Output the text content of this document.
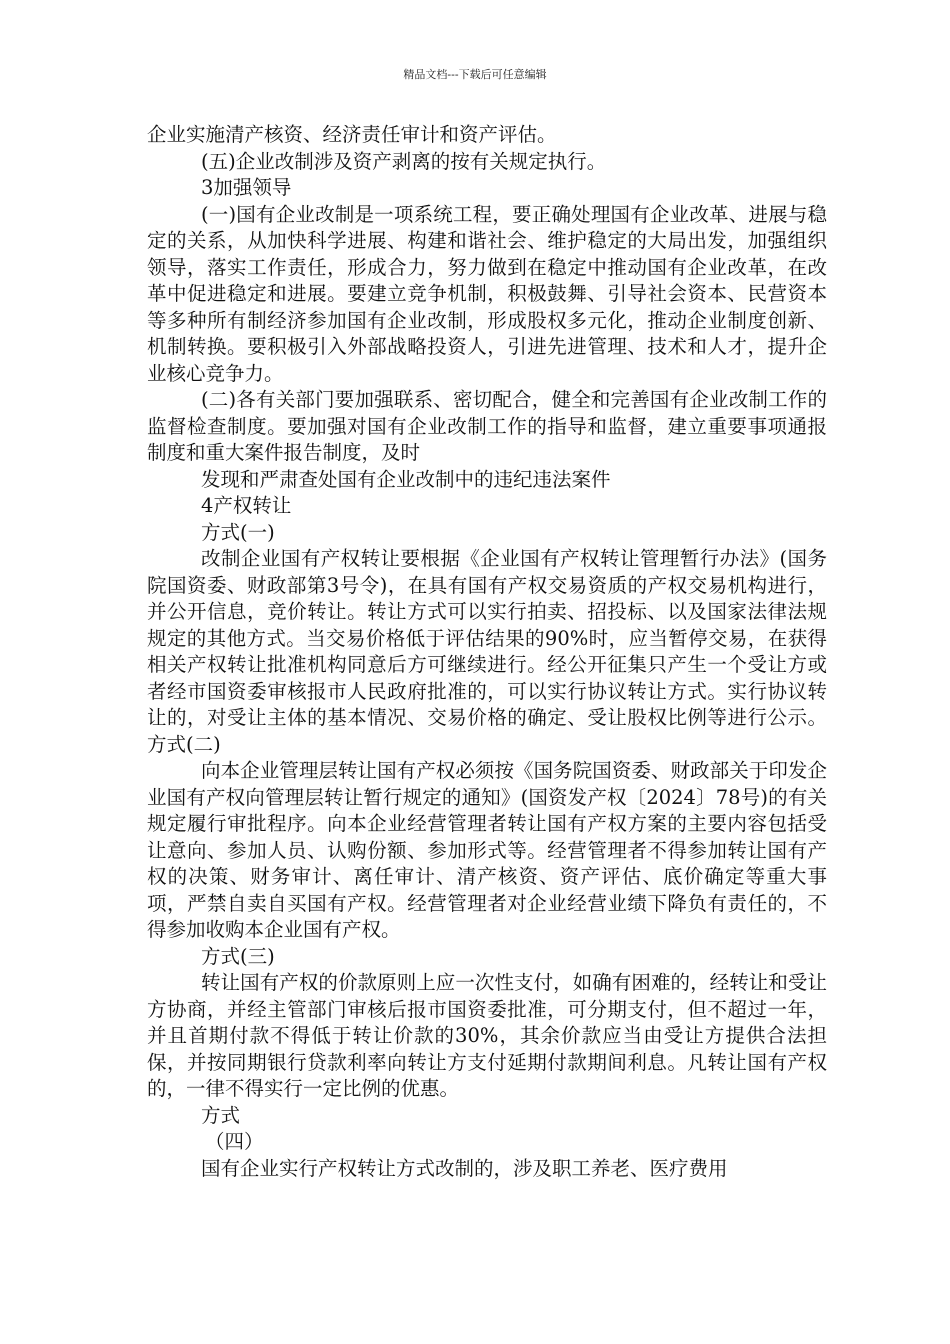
精品文档---下载后可任意编辑

企业实施清产核资、经济责任审计和资产评估。

(五)企业改制涉及资产剥离的按有关规定执行。

3加强领导

(一)国有企业改制是一项系统工程，要正确处理国有企业改革、进展与稳定的关系，从加快科学进展、构建和谐社会、维护稳定的大局出发，加强组织领导，落实工作责任，形成合力，努力做到在稳定中推动国有企业改革，在改革中促进稳定和进展。要建立竞争机制，积极鼓舞、引导社会资本、民营资本等多种所有制经济参加国有企业改制，形成股权多元化，推动企业制度创新、机制转换。要积极引入外部战略投资人，引进先进管理、技术和人才，提升企业核心竞争力。

(二)各有关部门要加强联系、密切配合，健全和完善国有企业改制工作的监督检查制度。要加强对国有企业改制工作的指导和监督，建立重要事项通报制度和重大案件报告制度，及时

发现和严肃查处国有企业改制中的违纪违法案件

4产权转让

方式(一)

改制企业国有产权转让要根据《企业国有产权转让管理暂行办法》(国务院国资委、财政部第3号令)，在具有国有产权交易资质的产权交易机构进行，并公开信息，竞价转让。转让方式可以实行拍卖、招投标、以及国家法律法规规定的其他方式。当交易价格低于评估结果的90%时，应当暂停交易，在获得相关产权转让批准机构同意后方可继续进行。经公开征集只产生一个受让方或者经市国资委审核报市人民政府批准的，可以实行协议转让方式。实行协议转让的，对受让主体的基本情况、交易价格的确定、受让股权比例等进行公示。 方式(二)

向本企业管理层转让国有产权必须按《国务院国资委、财政部关于印发企业国有产权向管理层转让暂行规定的通知》(国资发产权〔2024〕78号)的有关规定履行审批程序。向本企业经营管理者转让国有产权方案的主要内容包括受让意向、参加人员、认购份额、参加形式等。经营管理者不得参加转让国有产权的决策、财务审计、离任审计、清产核资、资产评估、底价确定等重大事项，严禁自卖自买国有产权。经营管理者对企业经营业绩下降负有责任的，不得参加收购本企业国有产权。

方式(三)

转让国有产权的价款原则上应一次性支付，如确有困难的，经转让和受让方协商，并经主管部门审核后报市国资委批准，可分期支付，但不超过一年，并且首期付款不得低于转让价款的30%，其余价款应当由受让方提供合法担保，并按同期银行贷款利率向转让方支付延期付款期间利息。凡转让国有产权的，一律不得实行一定比例的优惠。

方式

（四）

国有企业实行产权转让方式改制的，涉及职工养老、医疗费用
